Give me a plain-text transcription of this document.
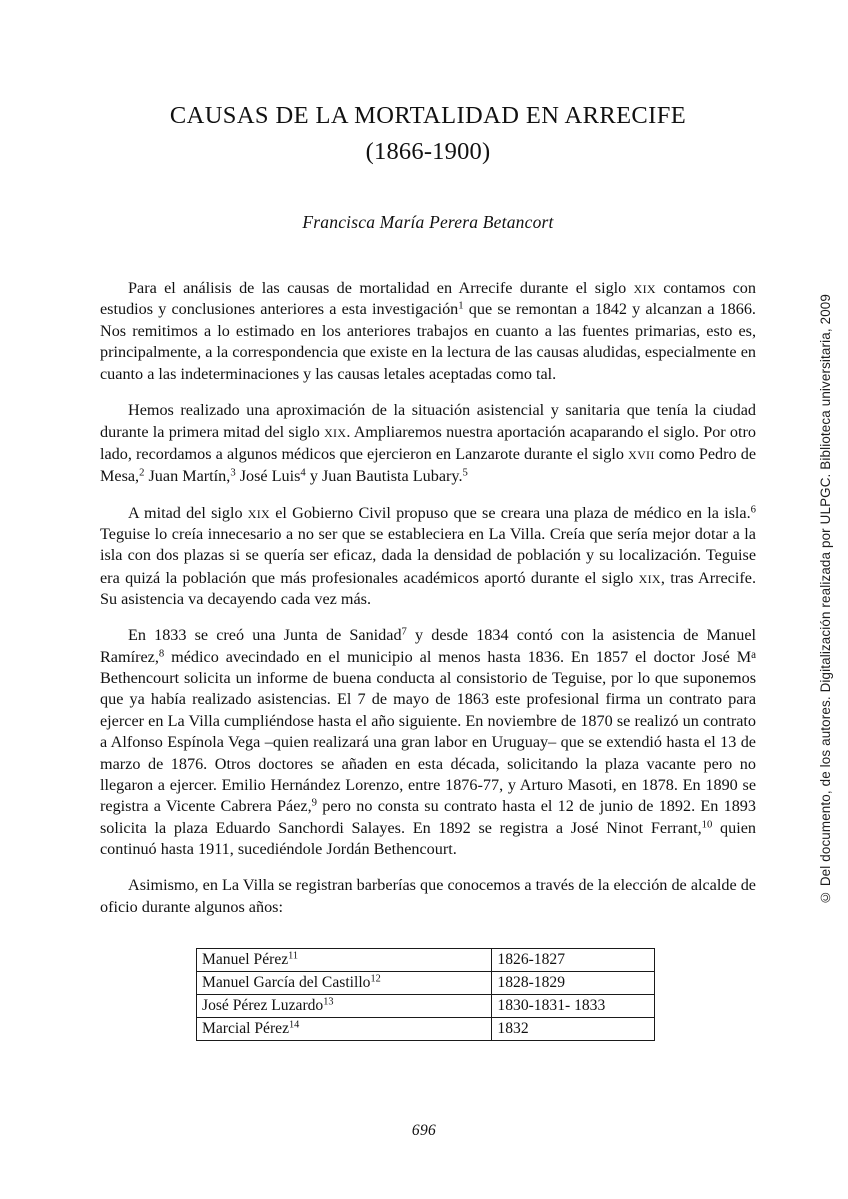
CAUSAS DE LA MORTALIDAD EN ARRECIFE
(1866-1900)
Francisca María Perera Betancort

Para el análisis de las causas de mortalidad en Arrecife durante el siglo xix contamos con estudios y conclusiones anteriores a esta investigación$^1$ que se remontan a 1842 y alcanzan a 1866. Nos remitimos a lo estimado en los anteriores trabajos en cuanto a las fuentes primarias, esto es, principalmente, a la correspondencia que existe en la lectura de las causas aludidas, especialmente en cuanto a las indeterminaciones y las causas letales aceptadas como tal.

Hemos realizado una aproximación de la situación asistencial y sanitaria que tenía la ciudad durante la primera mitad del siglo xix. Ampliaremos nuestra aportación acaparando el siglo. Por otro lado, recordamos a algunos médicos que ejercieron en Lanzarote durante el siglo xvii como Pedro de Mesa,$^2$ Juan Martín,$^3$ José Luis$^4$ y Juan Bautista Lubary.$^5$

A mitad del siglo xix el Gobierno Civil propuso que se creara una plaza de médico en la isla.$^6$ Teguise lo creía innecesario a no ser que se estableciera en La Villa. Creía que sería mejor dotar a la isla con dos plazas si se quería ser eficaz, dada la densidad de población y su localización. Teguise era quizá la población que más profesionales académicos aportó durante el siglo xix, tras Arrecife. Su asistencia va decayendo cada vez más.

En 1833 se creó una Junta de Sanidad$^7$ y desde 1834 contó con la asistencia de Manuel Ramírez,$^8$ médico avecindado en el municipio al menos hasta 1836. En 1857 el doctor José $M^a$ Bethencourt solicita un informe de buena conducta al consistorio de Teguise, por lo que suponemos que ya había realizado asistencias. El 7 de mayo de 1863 este profesional firma un contrato para ejercer en La Villa cumpliéndose hasta el año siguiente. En noviembre de 1870 se realizó un contrato a Alfonso Espínola Vega –quien realizará una gran labor en Uruguay– que se extendió hasta el 13 de marzo de 1876. Otros doctores se añaden en esta década, solicitando la plaza vacante pero no llegaron a ejercer. Emilio Hernández Lorenzo, entre 1876-77, y Arturo Masoti, en 1878. En 1890 se registra a Vicente Cabrera Páez,$^9$ pero no consta su contrato hasta el 12 de junio de 1892. En 1893 solicita la plaza Eduardo Sanchordi Salayes. En 1892 se registra a José Ninot Ferrant,$^{10}$ quien continuó hasta 1911, sucediéndole Jordán Bethencourt.

Asimismo, en La Villa se registran barberías que conocemos a través de la elección de alcalde de oficio durante algunos años:

Manuel Pérez$^{11}$	1826-1827
Manuel García del Castillo$^{12}$	1828-1829
José Pérez Luzardo$^{13}$	1830-1831- 1833
Marcial Pérez$^{14}$	1832
696
© Del documento, de los autores. Digitalización realizada por ULPGC. Biblioteca universitaria, 2009
